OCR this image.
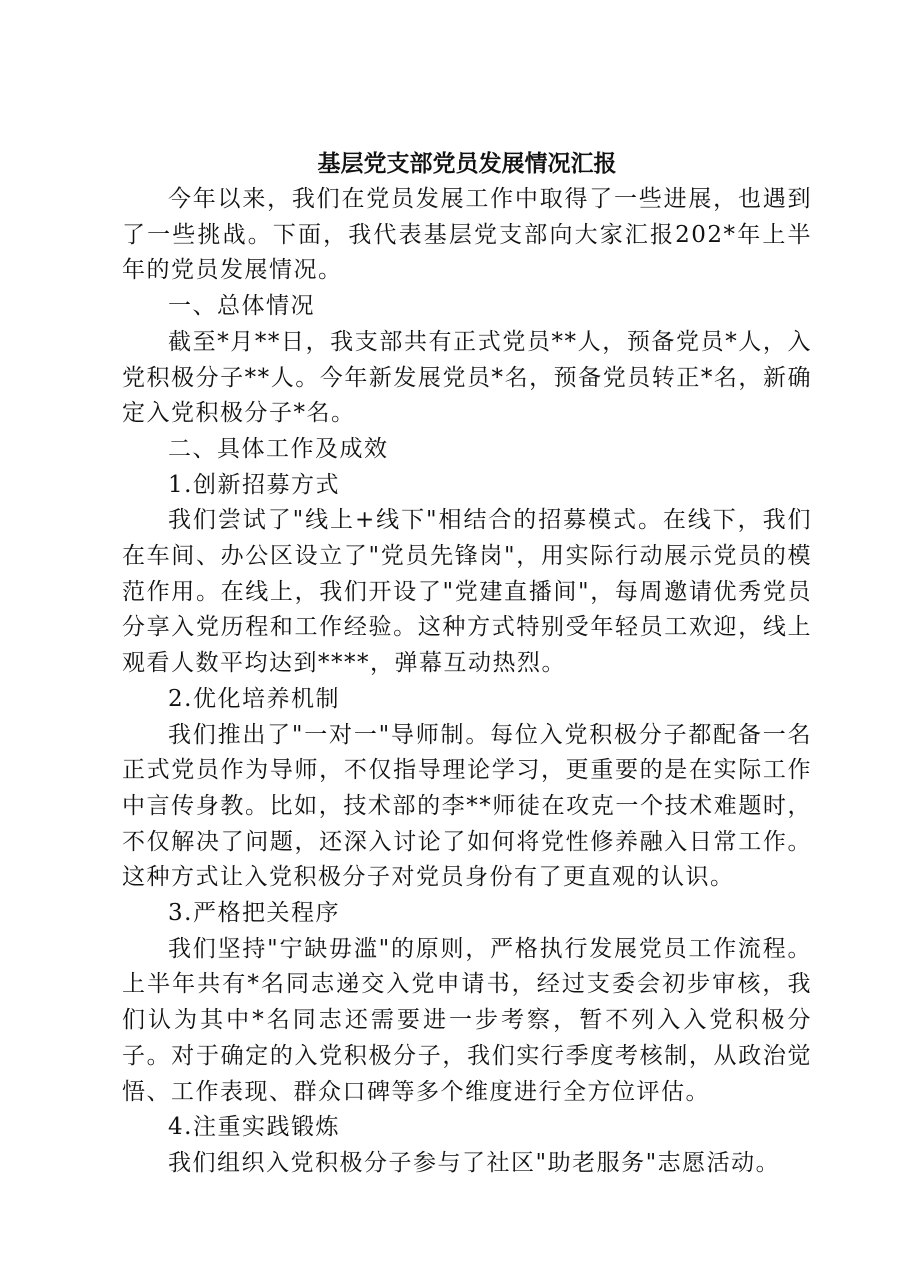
基层党支部党员发展情况汇报

今年以来，我们在党员发展工作中取得了一些进展，也遇到了一些挑战。下面，我代表基层党支部向大家汇报202*年上半年的党员发展情况。

一、总体情况

截至*月**日，我支部共有正式党员**人，预备党员*人，入党积极分子**人。今年新发展党员*名，预备党员转正*名，新确定入党积极分子*名。

二、具体工作及成效
1.创新招募方式

我们尝试了"线上+线下"相结合的招募模式。在线下，我们在车间、办公区设立了"党员先锋岗"，用实际行动展示党员的模范作用。在线上，我们开设了"党建直播间"，每周邀请优秀党员分享入党历程和工作经验。这种方式特别受年轻员工欢迎，线上观看人数平均达到****，弹幕互动热烈。

2.优化培养机制

我们推出了"一对一"导师制。每位入党积极分子都配备一名正式党员作为导师，不仅指导理论学习，更重要的是在实际工作中言传身教。比如，技术部的李**师徒在攻克一个技术难题时，不仅解决了问题，还深入讨论了如何将党性修养融入日常工作。这种方式让入党积极分子对党员身份有了更直观的认识。

3.严格把关程序

我们坚持"宁缺毋滥"的原则，严格执行发展党员工作流程。上半年共有*名同志递交入党申请书，经过支委会初步审核，我们认为其中*名同志还需要进一步考察，暂不列入入党积极分子。对于确定的入党积极分子，我们实行季度考核制，从政治觉悟、工作表现、群众口碑等多个维度进行全方位评估。

4.注重实践锻炼

我们组织入党积极分子参与了社区"助老服务"志愿活动。
